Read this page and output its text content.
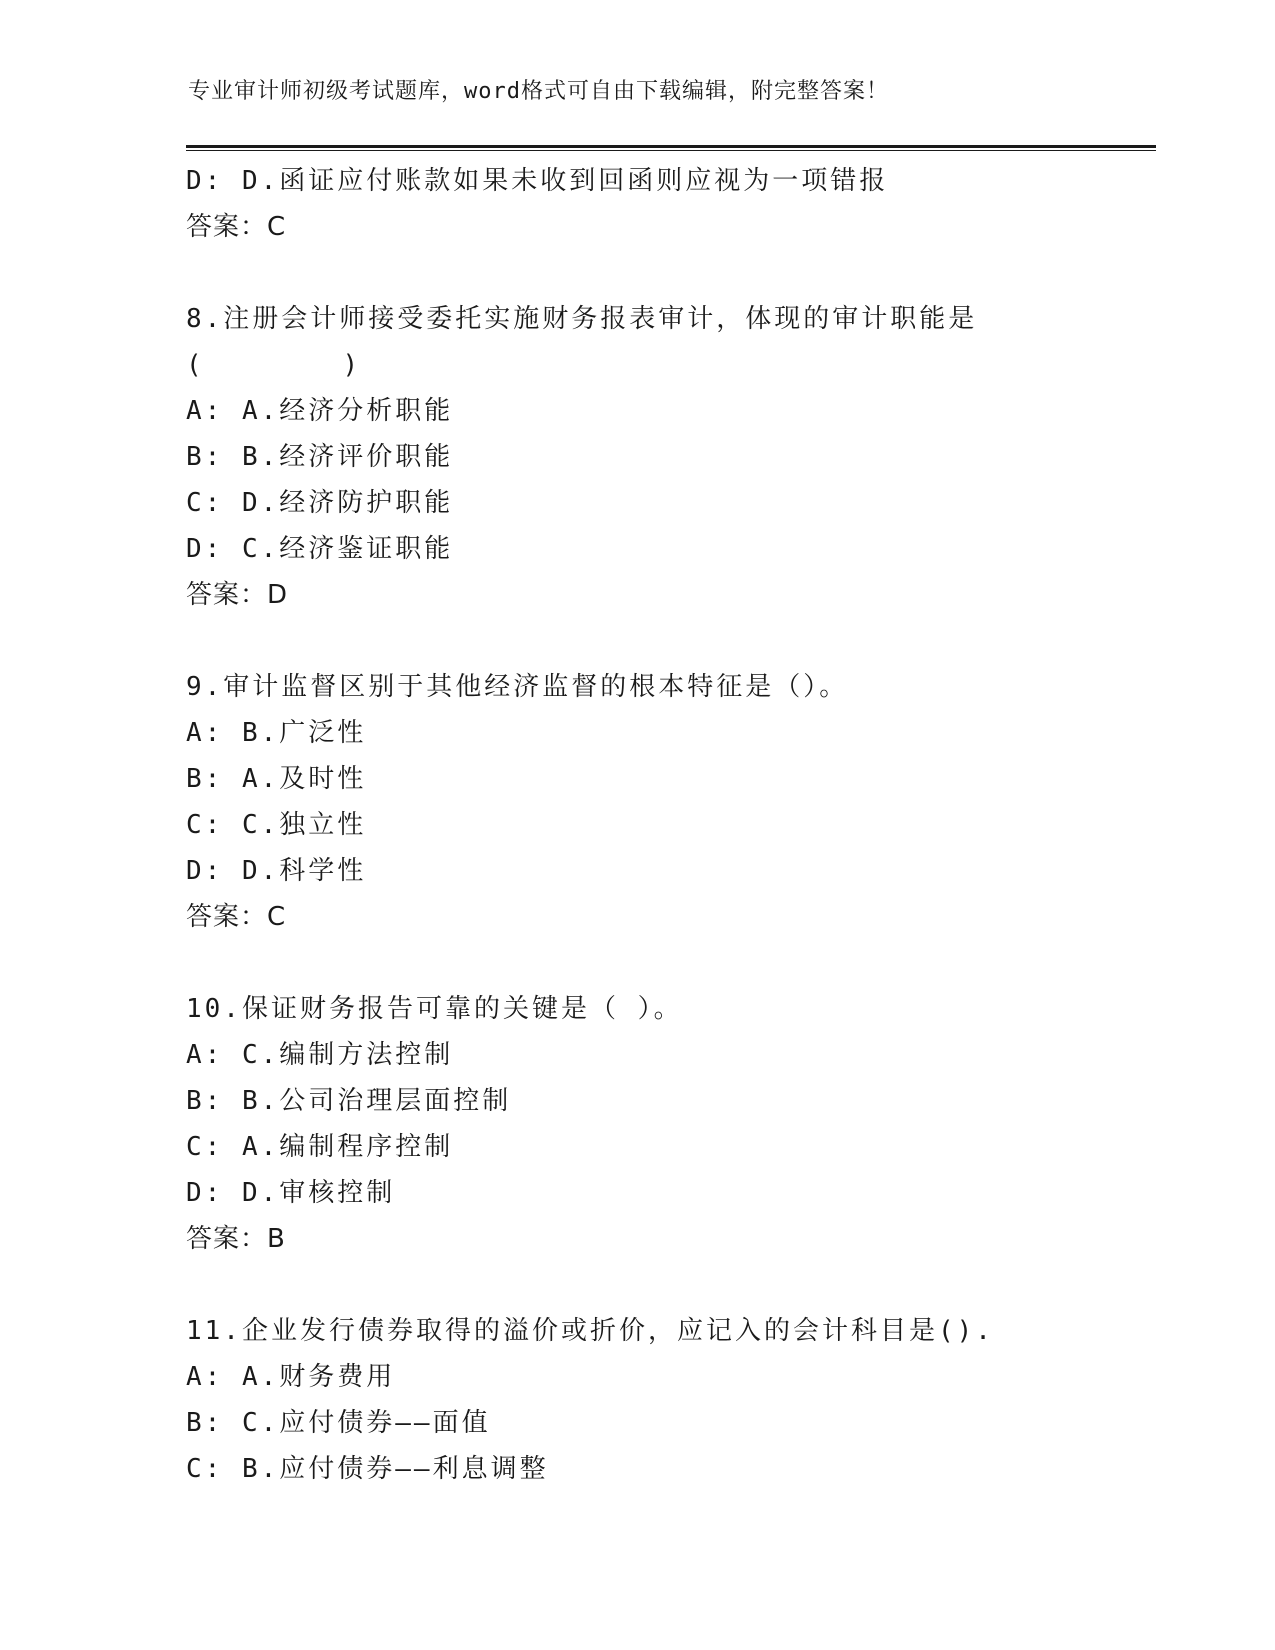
专业审计师初级考试题库，word格式可自由下载编辑，附完整答案！
D: D.函证应付账款如果未收到回函则应视为一项错报
答案：C
8.注册会计师接受委托实施财务报表审计，体现的审计职能是
(         )
A: A.经济分析职能
B: B.经济评价职能
C: D.经济防护职能
D: C.经济鉴证职能
答案：D
9.审计监督区别于其他经济监督的根本特征是（）。
A: B.广泛性
B: A.及时性
C: C.独立性
D: D.科学性
答案：C
10.保证财务报告可靠的关键是（ ）。
A: C.编制方法控制
B: B.公司治理层面控制
C: A.编制程序控制
D: D.审核控制
答案：B
11.企业发行债券取得的溢价或折价，应记入的会计科目是().
A: A.财务费用
B: C.应付债券——面值
C: B.应付债券——利息调整
